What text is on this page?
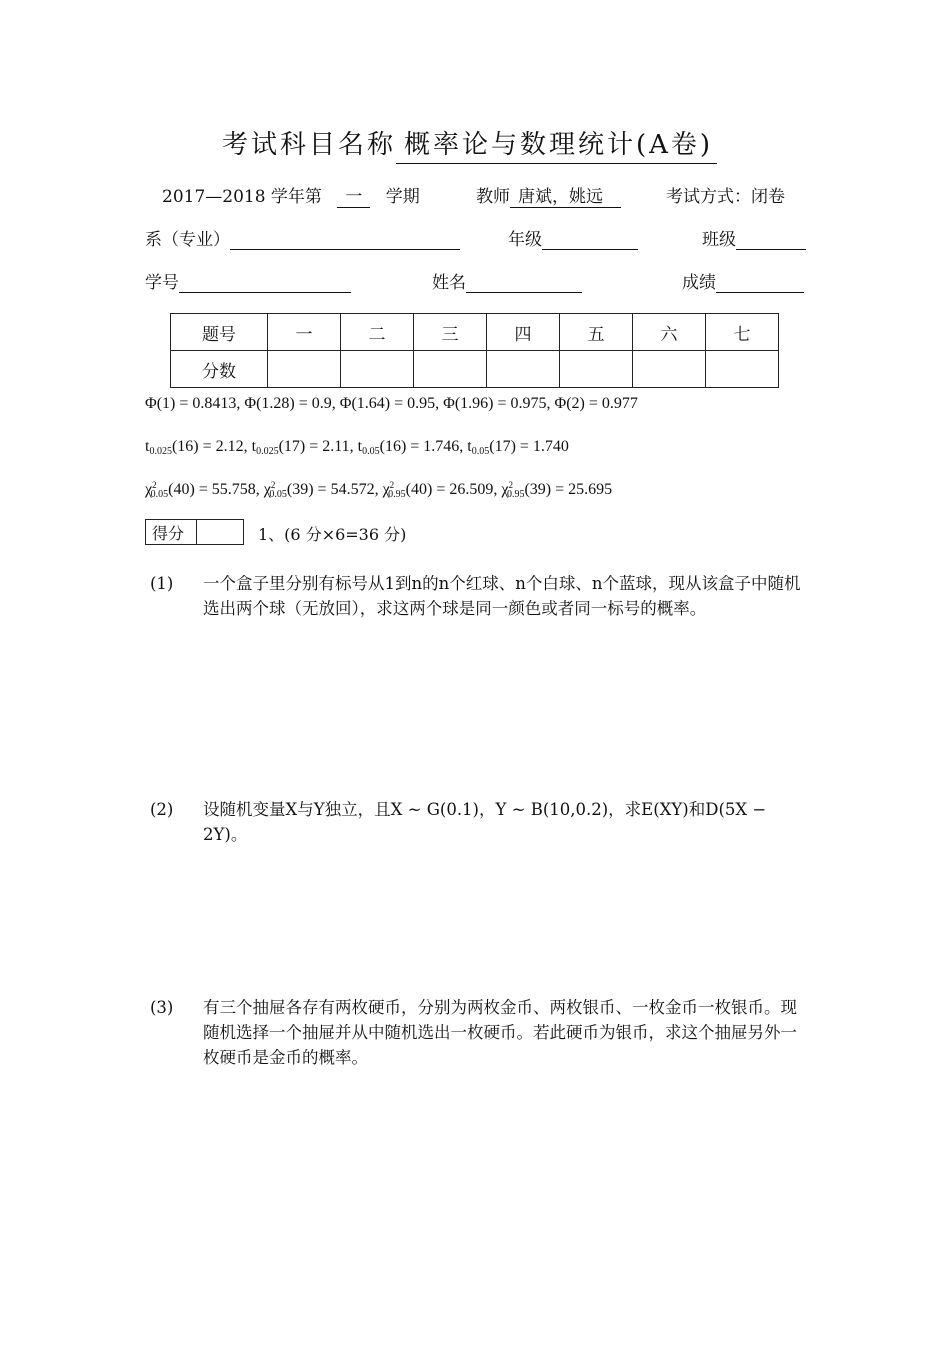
考试科目名称 概率论与数理统计(A卷)
2017—2018 学年第 一 学期	教师 唐斌，姚远	考试方式：闭卷
系（专业）	年级	班级
学号	姓名	成绩
题号	一	二	三	四	五	六	七
分数							
Φ(1) = 0.8413, Φ(1.28) = 0.9, Φ(1.64) = 0.95, Φ(1.96) = 0.975, Φ(2) = 0.977
$t_{0.025}(16) = 2.12$, $t_{0.025}(17) = 2.11$, $t_{0.05}(16) = 1.746$, $t_{0.05}(17) = 1.740$
$\chi^2_{0.05}(40) = 55.758$, $\chi^2_{0.05}(39) = 54.572$, $\chi^2_{0.95}(40) = 26.509$, $\chi^2_{0.95}(39) = 25.695$
得分		1、(6 分×6=36 分)
(1) 一个盒子里分别有标号从1到n的n个红球、n个白球、n个蓝球，现从该盒子中随机选出两个球（无放回），求这两个球是同一颜色或者同一标号的概率。
(2) 设随机变量X与Y独立，且X ~ G(0.1)，Y ~ B(10,0.2)，求E(XY)和D(5X − 2Y)。
(3) 有三个抽屉各存有两枚硬币，分别为两枚金币、两枚银币、一枚金币一枚银币。现随机选择一个抽屉并从中随机选出一枚硬币。若此硬币为银币，求这个抽屉另外一枚硬币是金币的概率。
